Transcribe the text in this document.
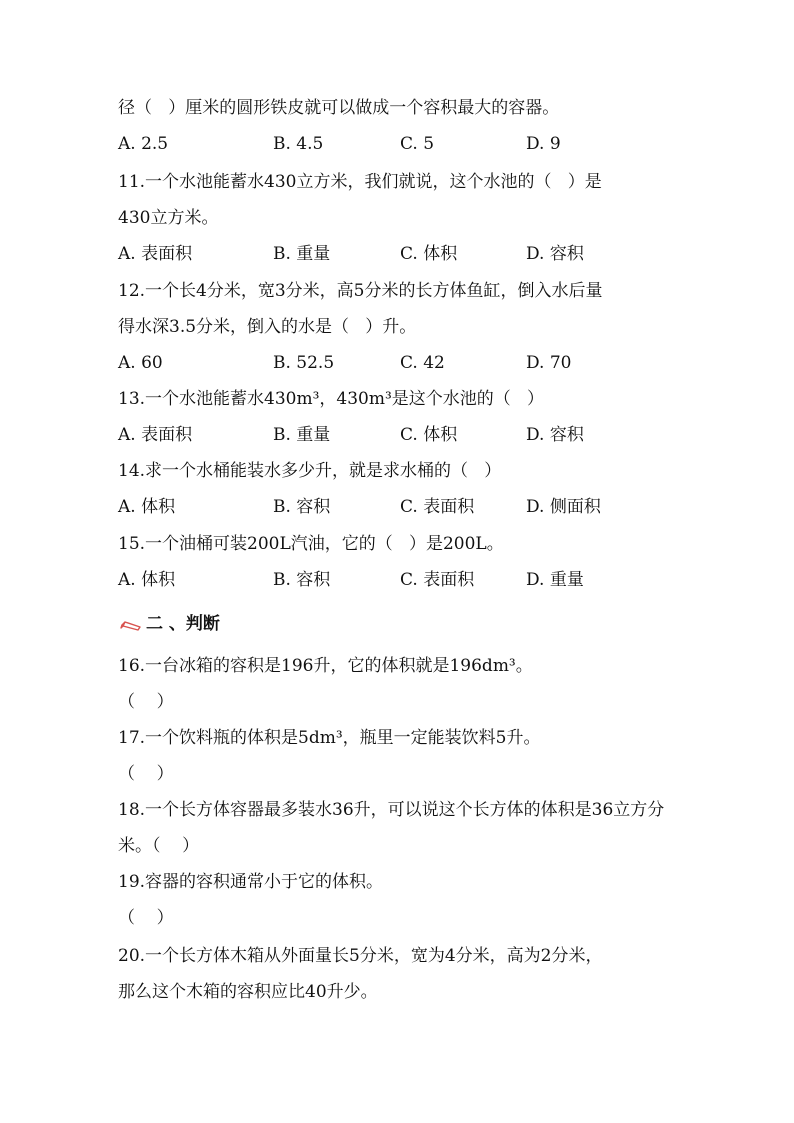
径（   ）厘米的圆形铁皮就可以做成一个容积最大的容器。
A. 2.5	B. 4.5	C. 5	D. 9
11.一个水池能蓄水430立方米，我们就说，这个水池的（   ）是
430立方米。
A. 表面积	B. 重量	C. 体积	D. 容积
12.一个长4分米，宽3分米，高5分米的长方体鱼缸，倒入水后量
得水深3.5分米，倒入的水是（   ）升。
A. 60	B. 52.5	C. 42	D. 70
13.一个水池能蓄水430m³，430m³是这个水池的（   ）
A. 表面积	B. 重量	C. 体积	D. 容积
14.求一个水桶能装水多少升，就是求水桶的（   ）
A. 体积	B. 容积	C. 表面积	D. 侧面积
15.一个油桶可装200L汽油，它的（   ）是200L。
A. 体积	B. 容积	C. 表面积	D. 重量
二 、判断
16.一台冰箱的容积是196升，它的体积就是196dm³。
（    ）
17.一个饮料瓶的体积是5dm³，瓶里一定能装饮料5升。
（    ）
18.一个长方体容器最多装水36升，可以说这个长方体的体积是36立方分
米。（    ）
19.容器的容积通常小于它的体积。
（    ）
20.一个长方体木箱从外面量长5分米，宽为4分米，高为2分米，
那么这个木箱的容积应比40升少。
